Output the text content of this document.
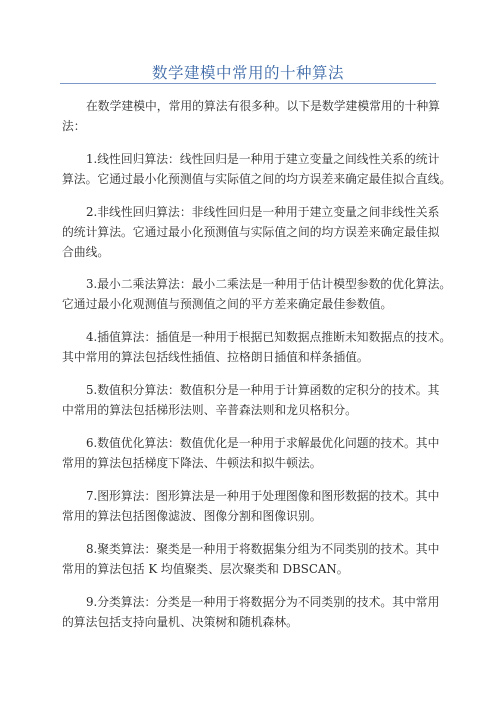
数学建模中常用的十种算法
在数学建模中，常用的算法有很多种。以下是数学建模常用的十种算
法：
1.线性回归算法：线性回归是一种用于建立变量之间线性关系的统计
算法。它通过最小化预测值与实际值之间的均方误差来确定最佳拟合直线。
2.非线性回归算法：非线性回归是一种用于建立变量之间非线性关系
的统计算法。它通过最小化预测值与实际值之间的均方误差来确定最佳拟
合曲线。
3.最小二乘法算法：最小二乘法是一种用于估计模型参数的优化算法。
它通过最小化观测值与预测值之间的平方差来确定最佳参数值。
4.插值算法：插值是一种用于根据已知数据点推断未知数据点的技术。
其中常用的算法包括线性插值、拉格朗日插值和样条插值。
5.数值积分算法：数值积分是一种用于计算函数的定积分的技术。其
中常用的算法包括梯形法则、辛普森法则和龙贝格积分。
6.数值优化算法：数值优化是一种用于求解最优化问题的技术。其中
常用的算法包括梯度下降法、牛顿法和拟牛顿法。
7.图形算法：图形算法是一种用于处理图像和图形数据的技术。其中
常用的算法包括图像滤波、图像分割和图像识别。
8.聚类算法：聚类是一种用于将数据集分组为不同类别的技术。其中
常用的算法包括 K 均值聚类、层次聚类和 DBSCAN。
9.分类算法：分类是一种用于将数据分为不同类别的技术。其中常用
的算法包括支持向量机、决策树和随机森林。
